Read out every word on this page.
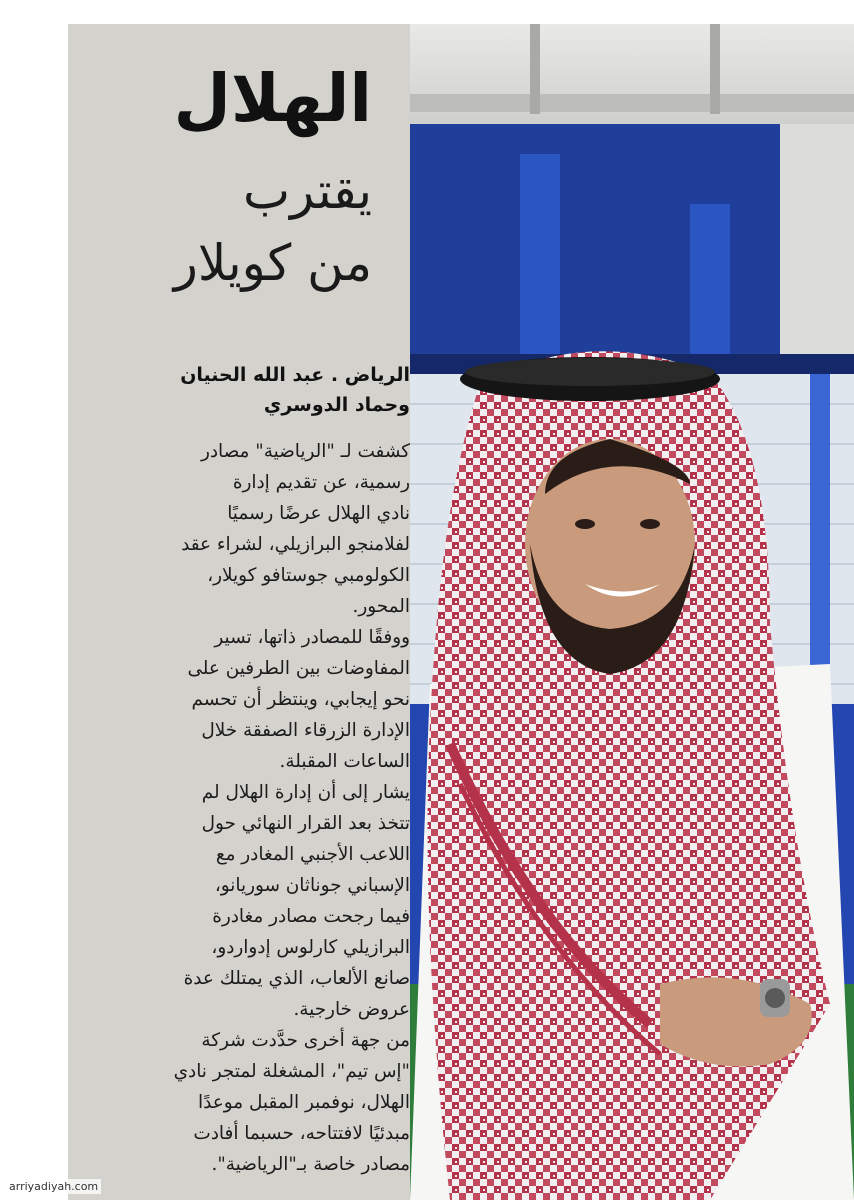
الهلال
يقترب
من كويلار

الرياض . عبد الله الحنيان

وحماد الدوسري

كشفت لـ "الرياضية" مصادر
رسمية، عن تقديم إدارة
نادي الهلال عرضًا رسميًا
لفلامنجو البرازيلي، لشراء عقد
الكولومبي جوستافو كويلار،
المحور.
ووفقًا للمصادر ذاتها، تسير
المفاوضات بين الطرفين على
نحو إيجابي، وينتظر أن تحسم
الإدارة الزرقاء الصفقة خلال
الساعات المقبلة.
يشار إلى أن إدارة الهلال لم
تتخذ بعد القرار النهائي حول
اللاعب الأجنبي المغادر مع
الإسباني جوناثان سوريانو،
فيما رجحت مصادر مغادرة
البرازيلي كارلوس إدواردو،
صانع الألعاب، الذي يمتلك عدة
عروض خارجية.
من جهة أخرى حدَّدت شركة
"إس تيم"، المشغلة لمتجر نادي
الهلال، نوفمبر المقبل موعدًا
مبدئيًا لافتتاحه، حسبما أفادت
مصادر خاصة بـ"الرياضية".
arriyadiyah.com
